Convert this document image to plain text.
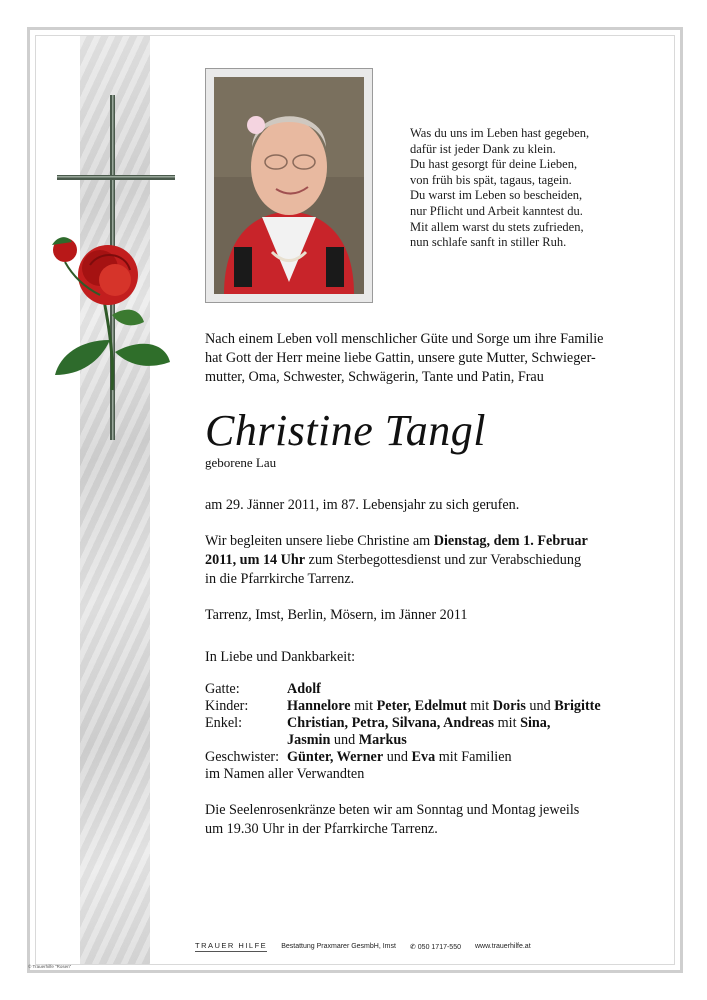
Was du uns im Leben hast gegeben,
dafür ist jeder Dank zu klein.
Du hast gesorgt für deine Lieben,
von früh bis spät, tagaus, tagein.
Du warst im Leben so bescheiden,
nur Pflicht und Arbeit kanntest du.
Mit allem warst du stets zufrieden,
nun schlafe sanft in stiller Ruh.
Nach einem Leben voll menschlicher Güte und Sorge um ihre Familie
hat Gott der Herr meine liebe Gattin, unsere gute Mutter, Schwieger-
mutter, Oma, Schwester, Schwägerin, Tante und Patin, Frau
Christine Tangl
geborene Lau
am 29. Jänner 2011, im 87. Lebensjahr zu sich gerufen.
Wir begleiten unsere liebe Christine am Dienstag, dem 1. Februar
2011, um 14 Uhr zum Sterbegottesdienst und zur Verabschiedung
in die Pfarrkirche Tarrenz.
Tarrenz, Imst, Berlin, Mösern, im Jänner 2011
In Liebe und Dankbarkeit:
Gatte:	Adolf
Kinder:	Hannelore mit Peter, Edelmut mit Doris und Brigitte
Enkel:	Christian, Petra, Silvana, Andreas mit Sina,
Jasmin und Markus
Geschwister: Günter, Werner und Eva mit Familien
im Namen aller Verwandten
Die Seelenrosenkränze beten wir am Sonntag und Montag jeweils
um 19.30 Uhr in der Pfarrkirche Tarrenz.
TRAUER HILFE Bestattung Praxmarer GesmbH, Imst ✆ 050 1717-550 www.trauerhilfe.at
© Trauerhilfe "Rosen"
